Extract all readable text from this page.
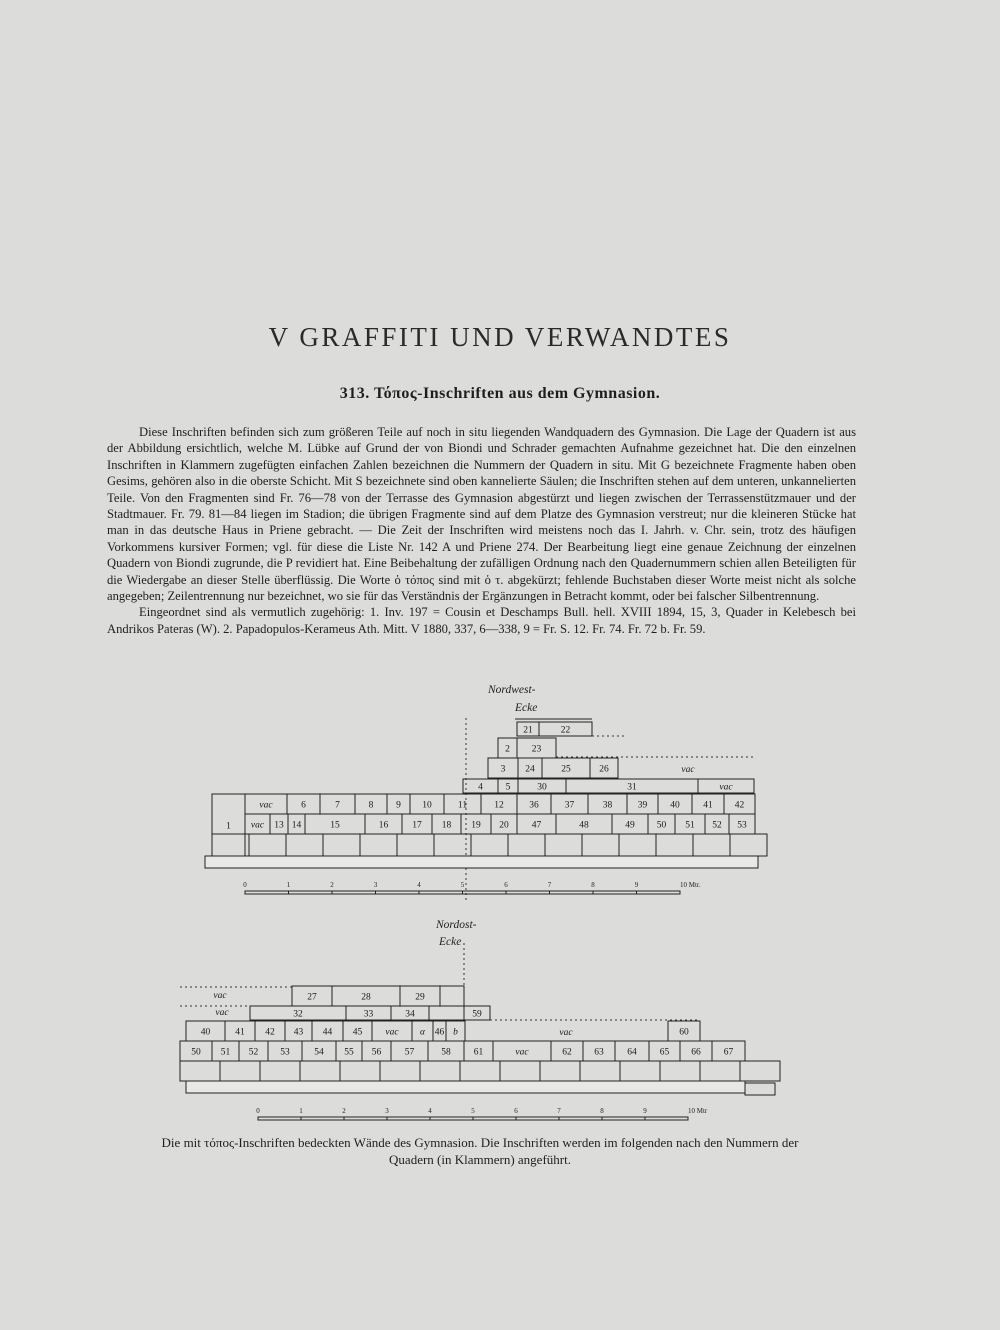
V GRAFFITI UND VERWANDTES
313. Τόπος-Inschriften aus dem Gymnasion.

Diese Inschriften befinden sich zum größeren Teile auf noch in situ liegenden Wandquadern des Gymnasion. Die Lage der Quadern ist aus der Abbildung ersichtlich, welche M. Lübke auf Grund der von Biondi und Schrader gemachten Aufnahme gezeichnet hat. Die den einzelnen Inschriften in Klammern zugefügten einfachen Zahlen bezeichnen die Nummern der Quadern in situ. Mit G bezeichnete Fragmente haben oben Gesims, gehören also in die oberste Schicht. Mit S bezeichnete sind oben kannelierte Säulen; die Inschriften stehen auf dem unteren, unkannelierten Teile. Von den Fragmenten sind Fr. 76—78 von der Terrasse des Gymnasion abgestürzt und liegen zwischen der Terrassenstützmauer und der Stadtmauer. Fr. 79. 81—84 liegen im Stadion; die übrigen Fragmente sind auf dem Platze des Gymnasion verstreut; nur die kleineren Stücke hat man in das deutsche Haus in Priene gebracht. — Die Zeit der Inschriften wird meistens noch das I. Jahrh. v. Chr. sein, trotz des häufigen Vorkommens kursiver Formen; vgl. für diese die Liste Nr. 142 A und Priene 274. Der Bearbeitung liegt eine genaue Zeichnung der einzelnen Quadern von Biondi zugrunde, die P revidiert hat. Eine Beibehaltung der zufälligen Ordnung nach den Quadernummern schien allen Beteiligten für die Wiedergabe an dieser Stelle überflüssig. Die Worte ὁ τόπος sind mit ὁ τ. abgekürzt; fehlende Buchstaben dieser Worte meist nicht als solche angegeben; Zeilentrennung nur bezeichnet, wo sie für das Verständnis der Ergänzungen in Betracht kommt, oder bei falscher Silbentrennung.

Eingeordnet sind als vermutlich zugehörig: 1. Inv. 197 = Cousin et Deschamps Bull. hell. XVIII 1894, 15, 3, Quader in Kelebesch bei Andrikos Pateras (W). 2. Papadopulos-Kerameus Ath. Mitt. V 1880, 337, 6—338, 9 = Fr. S. 12. Fr. 74. Fr. 72 b. Fr. 59.

Nordwest-
Ecke
Nordost-
Ecke
21	22
2 23
3 24	25	26	vac
4 5	30	31	vac
vac	6	7	8 9 10	11	12	36	37	38	39 40 41 42
1 vac 13 14	15	16	17 18 19 20 47	48	49 50 51 52 53
0	1	2	3	4	5	6	7	8	9	10 Mtr.
vac	27	28	29
vac	32	33	34	59
40	41 42 43 44 45 vac α 46 b	vac	60
50 51 52 53	54 55 56 57	58 61	vac	62 63 64 65 66 67
0	1	2	3	4	5	6	7	8	9	10 Mtr
Die mit τόπος-Inschriften bedeckten Wände des Gymnasion. Die Inschriften werden im folgenden nach den Nummern der Quadern (in Klammern) angeführt.
